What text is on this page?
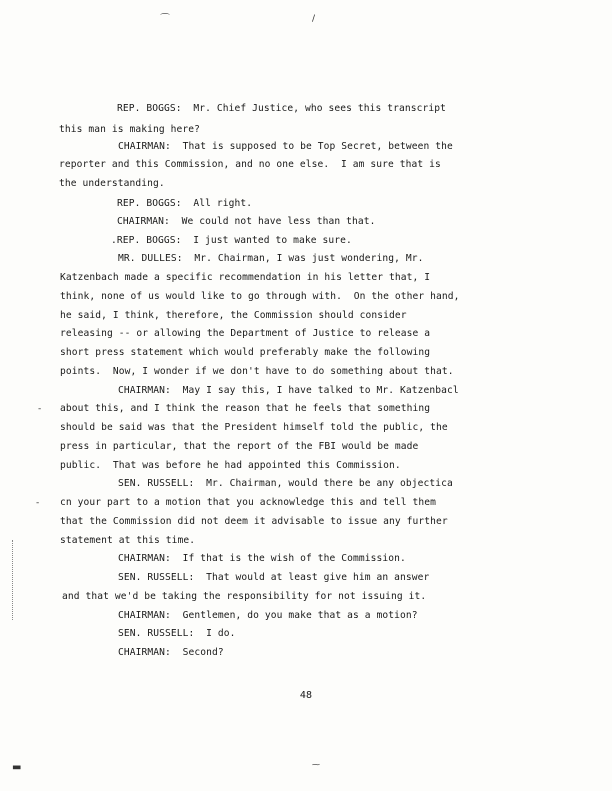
⌒	/
REP. BOGGS:  Mr. Chief Justice, who sees this transcript
this man is making here?
CHAIRMAN:  That is supposed to be Top Secret, between the
reporter and this Commission, and no one else.  I am sure that is
the understanding.
REP. BOGGS:  All right.
CHAIRMAN:  We could not have less than that.
.REP. BOGGS:  I just wanted to make sure.
MR. DULLES:  Mr. Chairman, I was just wondering, Mr.
Katzenbach made a specific recommendation in his letter that, I
think, none of us would like to go through with.  On the other hand,
he said, I think, therefore, the Commission should consider
releasing -- or allowing the Department of Justice to release a
short press statement which would preferably make the following
points.  Now, I wonder if we don't have to do something about that.
CHAIRMAN:  May I say this, I have talked to Mr. Katzenbacl
about this, and I think the reason that he feels that something
should be said was that the President himself told the public, the
press in particular, that the report of the FBI would be made
public.  That was before he had appointed this Commission.
SEN. RUSSELL:  Mr. Chairman, would there be any objectica
cn your part to a motion that you acknowledge this and tell them
that the Commission did not deem it advisable to issue any further
statement at this time.
CHAIRMAN:  If that is the wish of the Commission.
SEN. RUSSELL:  That would at least give him an answer
and that we'd be taking the responsibility for not issuing it.
CHAIRMAN:  Gentlemen, do you make that as a motion?
SEN. RUSSELL:  I do.
CHAIRMAN:  Second?
48
-
-
▬	⁓
